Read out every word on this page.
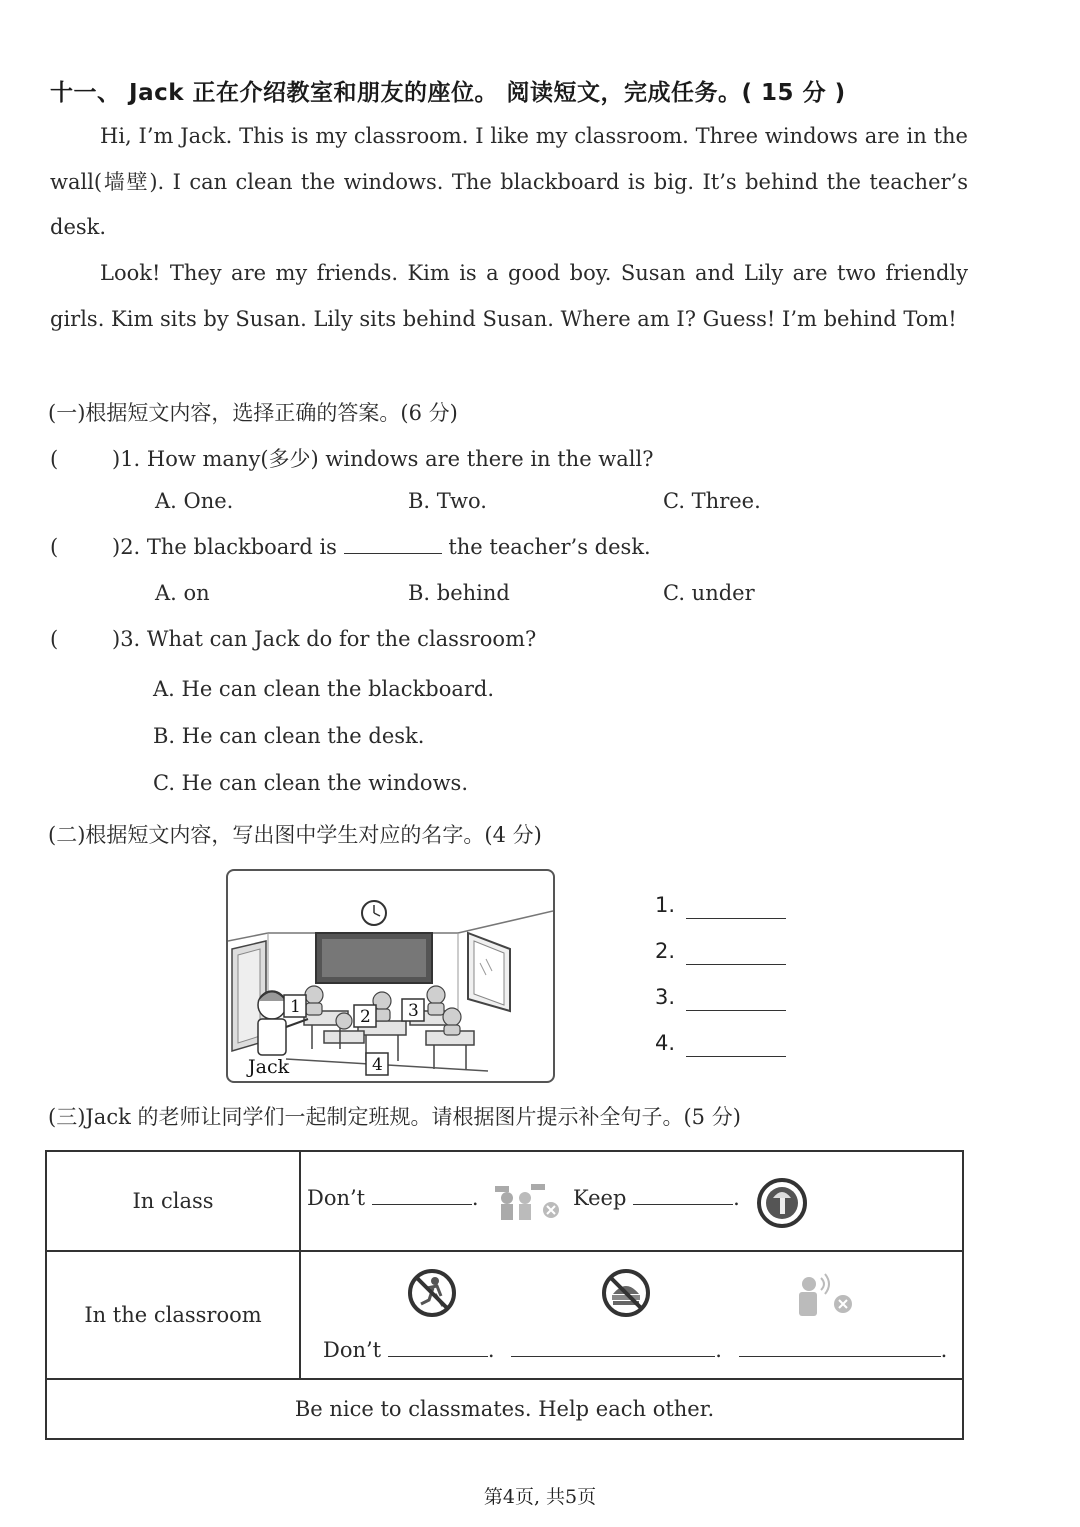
十一、 Jack 正在介绍教室和朋友的座位。 阅读短文，完成任务。( 15 分 )
Hi, I’m Jack. This is my classroom. I like my classroom. Three windows are in the wall(墙壁). I can clean the windows. The blackboard is big. It’s behind the teacher’s desk.
Look! They are my friends. Kim is a good boy. Susan and Lily are two friendly girls. Kim sits by Susan. Lily sits behind Susan. Where am I? Guess! I’m behind Tom!
(一)根据短文内容，选择正确的答案。(6 分)
(	)1. How many(多少) windows are there in the wall?
A. One.	B. Two.	C. Three.
(	)2. The blackboard is	the teacher’s desk.
A. on	B. behind	C. under
(	)3. What can Jack do for the classroom?
A. He can clean the blackboard.
B. He can clean the desk.
C. He can clean the windows.
(二)根据短文内容，写出图中学生对应的名字。(4 分)
1	2 3
4
Jack
1.
2.
3.
4.
(三)Jack 的老师让同学们一起制定班规。请根据图片提示补全句子。(5 分)
In class	Don’t . Keep .

In the classroom	Don’t . . .

Be nice to classmates. Help each other.	
第4页, 共5页
